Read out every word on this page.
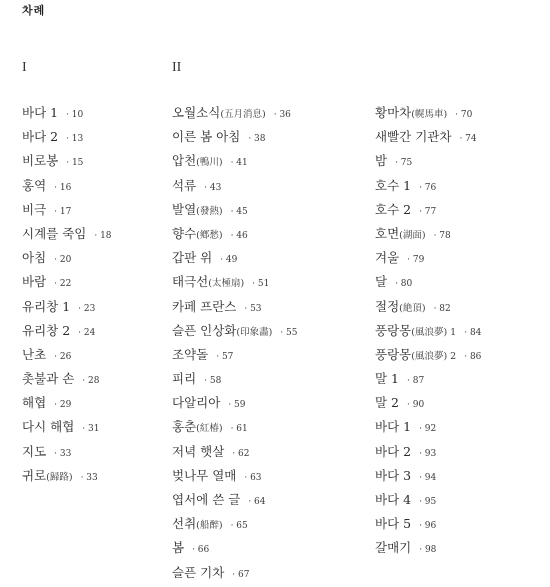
차례
I	II
바다 1  · 10
바다 2  · 13
비로봉  · 15
홍역  · 16
비극  · 17
시계를 죽임  · 18
아침  · 20
바람  · 22
유리창 1  · 23
유리창 2  · 24
난초  · 26
촛불과 손  · 28
해협  · 29
다시 해협  · 31
지도  · 33
귀로(歸路)  · 33
오월소식(五月消息)  · 36
이른 봄 아침  · 38
압천(鴨川)  · 41
석류  · 43
발열(發熱)  · 45
향수(鄕愁)  · 46
갑판 위  · 49
태극선(太極扇)  · 51
카페 프란스  · 53
슬픈 인상화(印象畵)  · 55
조약돌  · 57
피리  · 58
다알리아  · 59
홍춘(紅椿)  · 61
저녁 햇살  · 62
벚나무 열매  · 63
엽서에 쓴 글  · 64
선취(船醉)  · 65
봄  · 66
슬픈 기차  · 67
황마차(幌馬車)  · 70
새빨간 기관차  · 74
밤  · 75
호수 1  · 76
호수 2  · 77
호면(湖面)  · 78
겨울  · 79
달  · 80
절정(絶頂)  · 82
풍랑몽(風浪夢) 1  · 84
풍랑몽(風浪夢) 2  · 86
말 1  · 87
말 2  · 90
바다 1  · 92
바다 2  · 93
바다 3  · 94
바다 4  · 95
바다 5  · 96
갈매기  · 98
